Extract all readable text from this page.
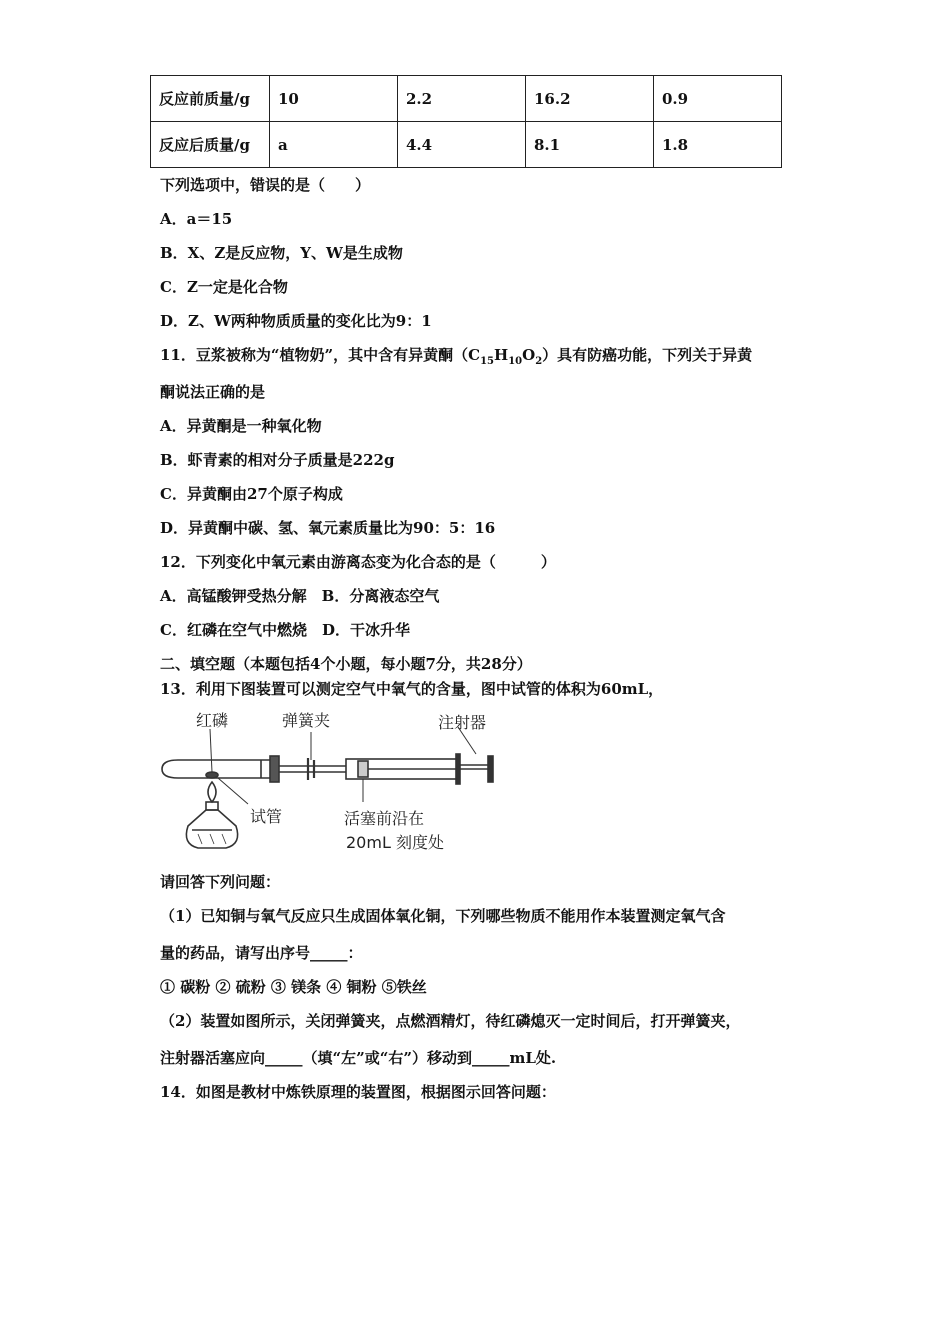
反应前质量/g	10	2.2	16.2	0.9
反应后质量/g	a	4.4	8.1	1.8
下列选项中，错误的是（　　）
A．a＝15
B．X、Z是反应物，Y、W是生成物
C．Z一定是化合物
D．Z、W两种物质质量的变化比为9：1
11．豆浆被称为“植物奶”，其中含有异黄酮$(C_{15}H_{10}O_2)$具有防癌功能，下列关于异黄
酮说法正确的是
A．异黄酮是一种氧化物
B．虾青素的相对分子质量是222g
C．异黄酮由27个原子构成
D．异黄酮中碳、氢、氧元素质量比为90：5：16
12．下列变化中氧元素由游离态变为化合态的是（　　　）
A．高锰酸钾受热分解　B．分离液态空气
C．红磷在空气中燃烧　D．干冰升华
二、填空题（本题包括4个小题，每小题7分，共28分）
13．利用下图装置可以测定空气中氧气的含量，图中试管的体积为60mL，
红磷	弹簧夹	注射器
试管	活塞前沿在
20mL 刻度处
请回答下列问题：
（1）已知铜与氧气反应只生成固体氧化铜，下列哪些物质不能用作本装置测定氧气含
量的药品，请写出序号_____：
① 碳粉 ② 硫粉 ③ 镁条 ④ 铜粉 ⑤铁丝
（2）装置如图所示，关闭弹簧夹，点燃酒精灯，待红磷熄灭一定时间后，打开弹簧夹，
注射器活塞应向_____（填“左”或“右”）移动到_____mL处.
14．如图是教材中炼铁原理的装置图，根据图示回答问题：
